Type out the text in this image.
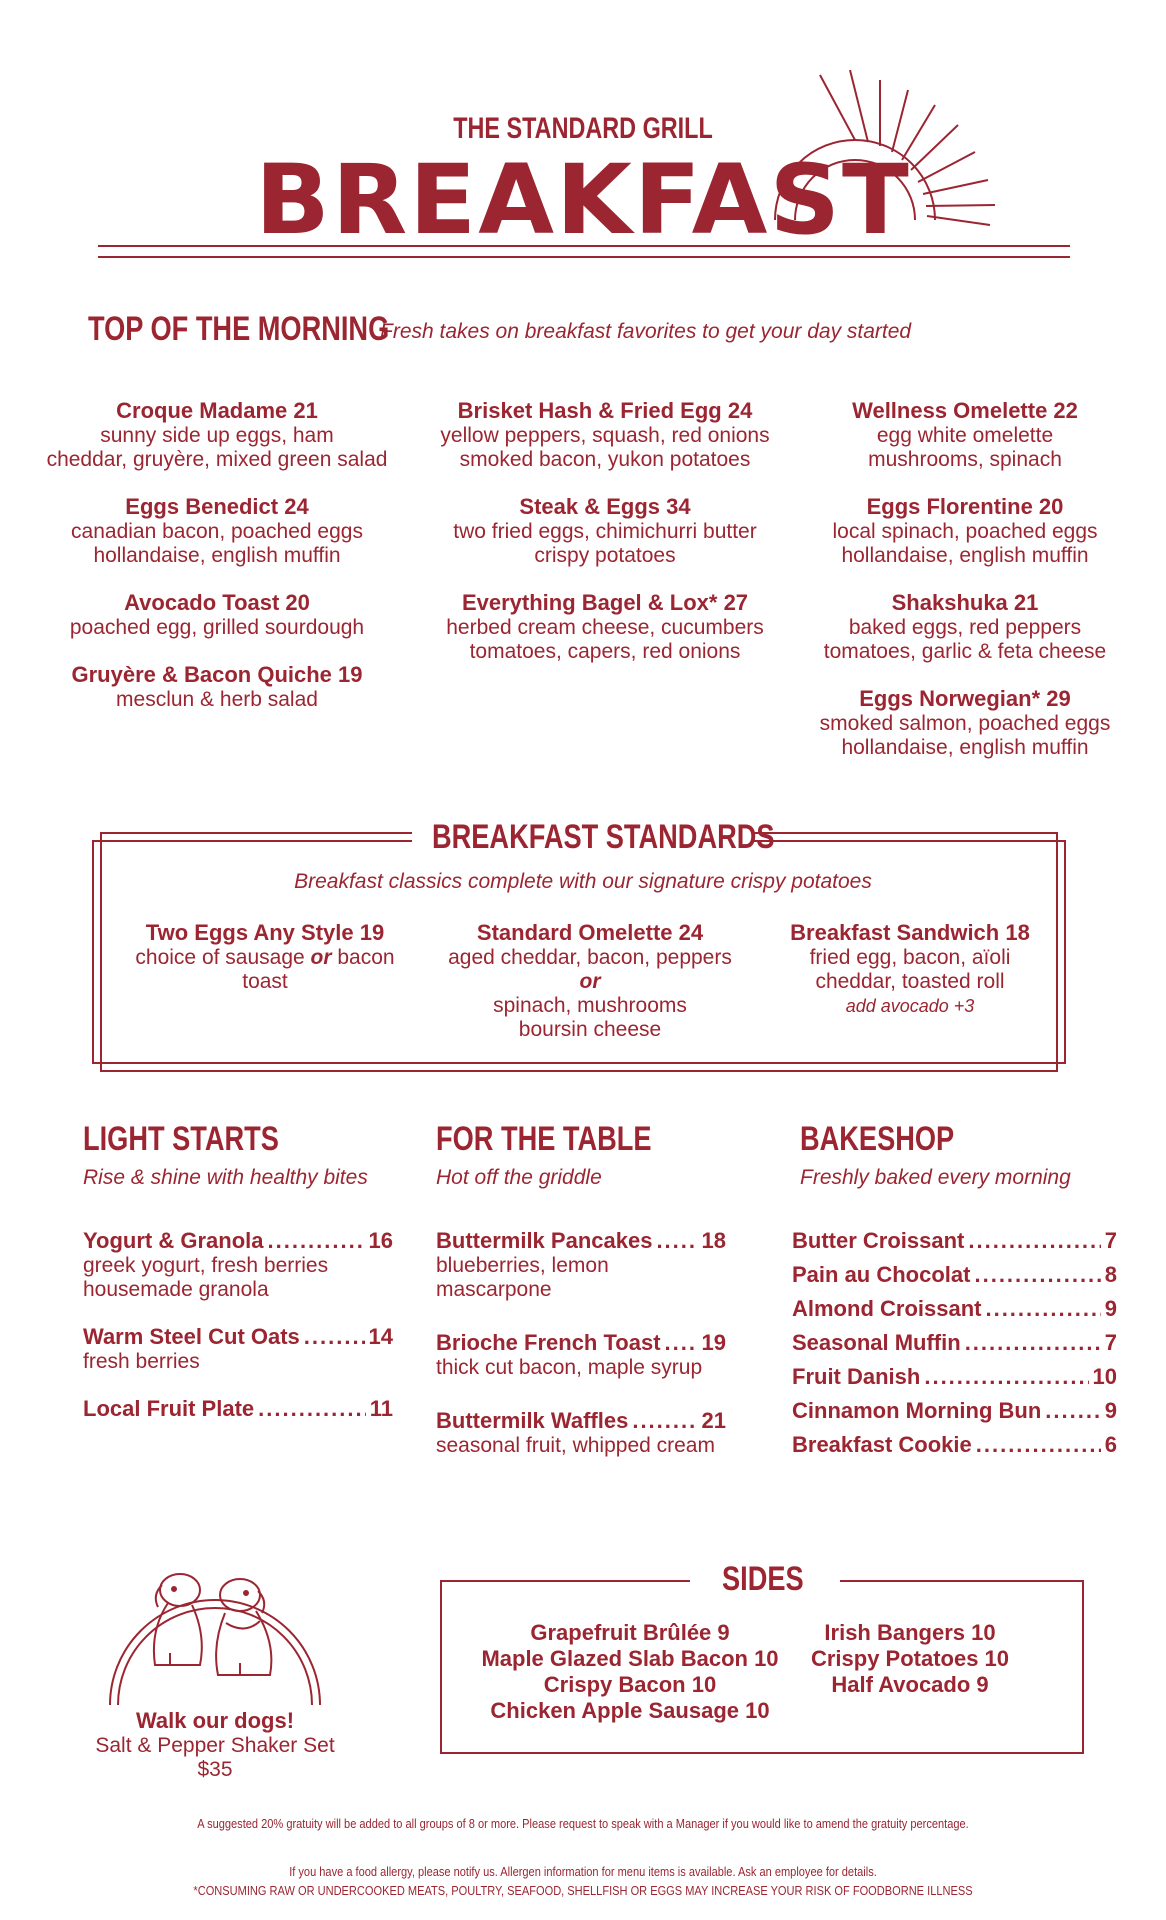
THE STANDARD GRILL
BREAKFAST
TOP OF THE MORNING
Fresh takes on breakfast favorites to get your day started
Croque Madame 21
sunny side up eggs, ham
cheddar, gruyère, mixed green salad
Eggs Benedict 24
canadian bacon, poached eggs
hollandaise, english muffin
Avocado Toast 20
poached egg, grilled sourdough
Gruyère & Bacon Quiche 19
mesclun & herb salad
Brisket Hash & Fried Egg 24
yellow peppers, squash, red onions
smoked bacon, yukon potatoes
Steak & Eggs 34
two fried eggs, chimichurri butter
crispy potatoes
Everything Bagel & Lox* 27
herbed cream cheese, cucumbers
tomatoes, capers, red onions
Wellness Omelette 22
egg white omelette
mushrooms, spinach
Eggs Florentine 20
local spinach, poached eggs
hollandaise, english muffin
Shakshuka 21
baked eggs, red peppers
tomatoes, garlic & feta cheese
Eggs Norwegian* 29
smoked salmon, poached eggs
hollandaise, english muffin
BREAKFAST STANDARDS
Breakfast classics complete with our signature crispy potatoes
Two Eggs Any Style 19
choice of sausage or bacon
toast
Standard Omelette 24
aged cheddar, bacon, peppers
or
spinach, mushrooms
boursin cheese
Breakfast Sandwich 18
fried egg, bacon, aïoli
cheddar, toasted roll
add avocado +3
LIGHT STARTS
Rise & shine with healthy bites
Yogurt & Granola .....	16
greek yogurt, fresh berries
housemade granola
Warm Steel Cut Oats .....	14
fresh berries
Local Fruit Plate .....	11
FOR THE TABLE
Hot off the griddle
Buttermilk Pancakes ..... 18
blueberries, lemon mascarpone
Brioche French Toast ..... 19
thick cut bacon, maple syrup
Buttermilk Waffles .....	21
seasonal fruit, whipped cream
BAKESHOP
Freshly baked every morning
Butter Croissant .....	7
Pain au Chocolat .....	8
Almond Croissant .....	9
Seasonal Muffin .....	7
Fruit Danish .....	10
Cinnamon Morning Bun .....	9
Breakfast Cookie .....	6
Walk our dogs!
Salt & Pepper Shaker Set
$35
SIDES
Grapefruit Brûlée 9
Maple Glazed Slab Bacon 10
Crispy Bacon 10
Chicken Apple Sausage 10
Irish Bangers 10
Crispy Potatoes 10
Half Avocado 9
A suggested 20% gratuity will be added to all groups of 8 or more. Please request to speak with a Manager if you would like to amend the gratuity percentage.
If you have a food allergy, please notify us. Allergen information for menu items is available. Ask an employee for details.
*CONSUMING RAW OR UNDERCOOKED MEATS, POULTRY, SEAFOOD, SHELLFISH OR EGGS MAY INCREASE YOUR RISK OF FOODBORNE ILLNESS
